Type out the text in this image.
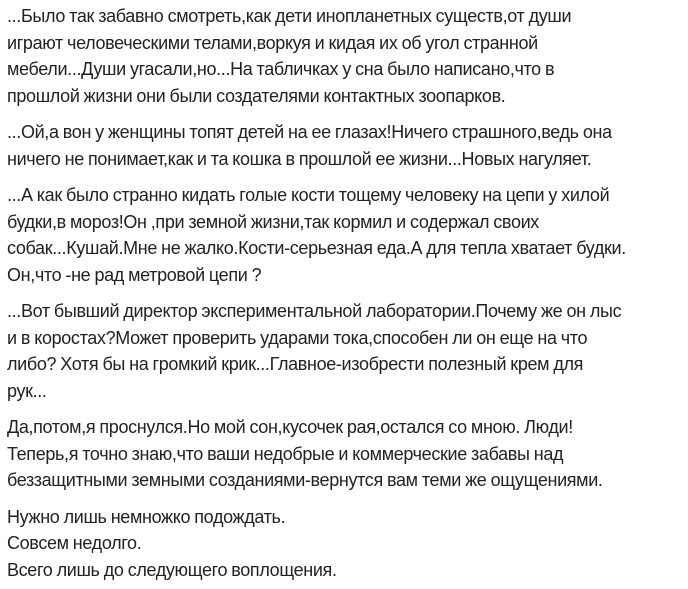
...Было так забавно смотреть,как дети инопланетных существ,от души
играют человеческими телами,воркуя и кидая их об угол странной
мебели...Души угасали,но...На табличках у сна было написано,что в
прошлой жизни они были создателями контактных зоопарков.
...Ой,а вон у женщины топят детей на ее глазах!Ничего страшного,ведь она
ничего не понимает,как и та кошка в прошлой ее жизни...Новых нагуляет.
...А как было странно кидать голые кости тощему человеку на цепи у хилой
будки,в мороз!Он ,при земной жизни,так кормил и содержал своих
собак...Кушай.Мне не жалко.Кости-серьезная еда.А для тепла хватает будки.
Он,что -не рад метровой цепи ?
...Вот бывший директор экспериментальной лаборатории.Почему же он лыс
и в коростах?Может проверить ударами тока,способен ли он еще на что
либо? Хотя бы на громкий крик...Главное-изобрести полезный крем для
рук...
Да,потом,я проснулся.Но мой сон,кусочек рая,остался со мною. Люди!
Теперь,я точно знаю,что ваши недобрые и коммерческие забавы над
беззащитными земными созданиями-вернутся вам теми же ощущениями.
Нужно лишь немножко подождать.
Совсем недолго.
Всего лишь до следующего воплощения.
